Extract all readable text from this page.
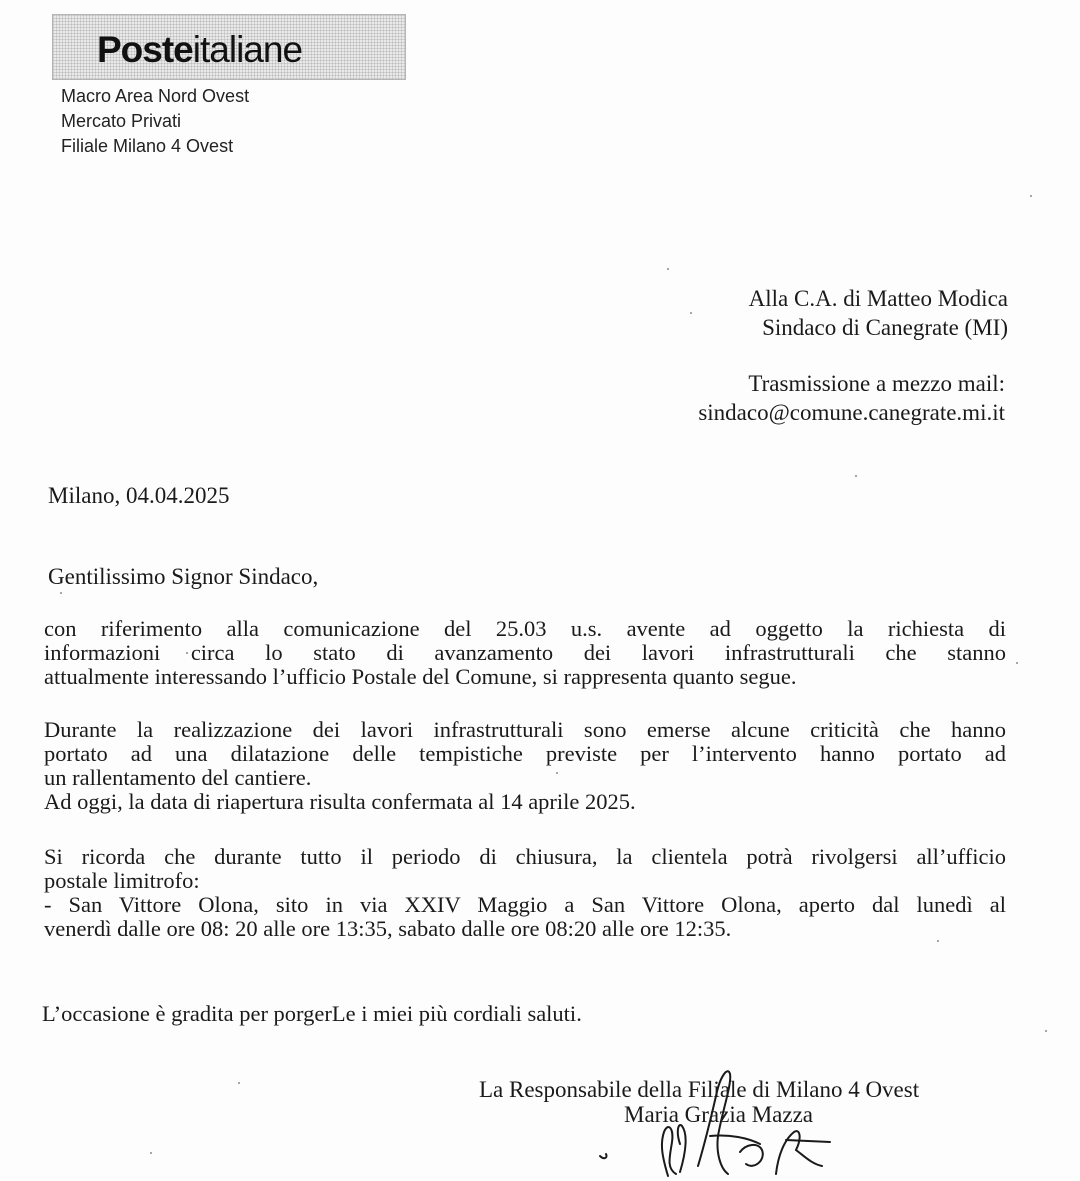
Posteitaliane
Macro Area Nord Ovest
Mercato Privati
Filiale Milano 4 Ovest
Alla C.A. di Matteo Modica
Sindaco di Canegrate (MI)
Trasmissione a mezzo mail:
sindaco@comune.canegrate.mi.it
Milano, 04.04.2025
Gentilissimo Signor Sindaco,
con riferimento alla comunicazione del 25.03 u.s. avente ad oggetto la richiesta di
informazioni circa lo stato di avanzamento dei lavori infrastrutturali che stanno
attualmente interessando l’ufficio Postale del Comune, si rappresenta quanto segue.
Durante la realizzazione dei lavori infrastrutturali sono emerse alcune criticità che hanno
portato ad una dilatazione delle tempistiche previste per l’intervento hanno portato ad
un rallentamento del cantiere.
Ad oggi, la data di riapertura risulta confermata al 14 aprile 2025.
Si ricorda che durante tutto il periodo di chiusura, la clientela potrà rivolgersi all’ufficio
postale limitrofo:
- San Vittore Olona, sito in via XXIV Maggio a San Vittore Olona, aperto dal lunedì al
venerdì dalle ore 08: 20 alle ore 13:35, sabato dalle ore 08:20 alle ore 12:35.
L’occasione è gradita per porgerLe i miei più cordiali saluti.
La Responsabile della Filiale di Milano 4 Ovest
Maria Grazia Mazza
